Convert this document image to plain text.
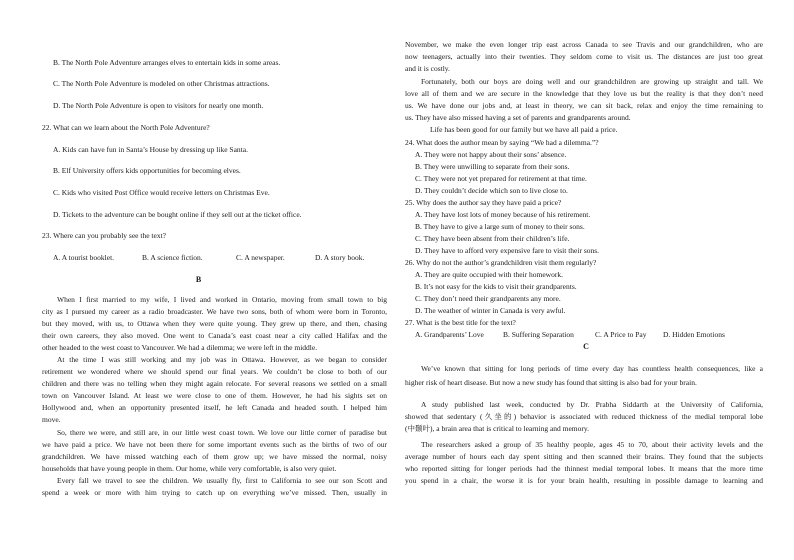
B. The North Pole Adventure arranges elves to entertain kids in some areas.
C. The North Pole Adventure is modeled on other Christmas attractions.
D. The North Pole Adventure is open to visitors for nearly one month.
22. What can we learn about the North Pole Adventure?
A. Kids can have fun in Santa’s House by dressing up like Santa.
B. Elf University offers kids opportunities for becoming elves.
C. Kids who visited Post Office would receive letters on Christmas Eve.
D. Tickets to the adventure can be bought online if they sell out at the ticket office.
23. Where can you probably see the text?
A. A tourist booklet.	B. A science fiction.	C. A newspaper.	D. A story book.
B
When I first married to my wife, I lived and worked in Ontario, moving from small town to big
city as I pursued my career as a radio broadcaster. We have two sons, both of whom were born in Toronto,
but they moved, with us, to Ottawa when they were quite young. They grew up there, and then, chasing
their own careers, they also moved. One went to Canada’s east coast near a city called Halifax and the
other headed to the west coast to Vancouver. We had a dilemma; we were left in the middle.
At the time I was still working and my job was in Ottawa. However, as we began to consider
retirement we wondered where we should spend our final years. We couldn’t be close to both of our
children and there was no telling when they might again relocate. For several reasons we settled on a small
town on Vancouver Island. At least we were close to one of them. However, he had his sights set on
Hollywood and, when an opportunity presented itself, he left Canada and headed south. I helped him
move.
So, there we were, and still are, in our little west coast town. We love our little corner of paradise but
we have paid a price. We have not been there for some important events such as the births of two of our
grandchildren. We have missed watching each of them grow up; we have missed the normal, noisy
households that have young people in them. Our home, while very comfortable, is also very quiet.
Every fall we travel to see the children. We usually fly, first to California to see our son Scott and
spend a week or more with him trying to catch up on everything we’ve missed. Then, usually in
November, we make the even longer trip east across Canada to see Travis and our grandchildren, who are
now teenagers, actually into their twenties. They seldom come to visit us. The distances are just too great
and it is costly.
Fortunately, both our boys are doing well and our grandchildren are growing up straight and tall. We
love all of them and we are secure in the knowledge that they love us but the reality is that they don’t need
us. We have done our jobs and, at least in theory, we can sit back, relax and enjoy the time remaining to
us. They have also missed having a set of parents and grandparents around.
Life has been good for our family but we have all paid a price.
24. What does the author mean by saying “We had a dilemma.”?
A. They were not happy about their sons’ absence.
B. They were unwilling to separate from their sons.
C. They were not yet prepared for retirement at that time.
D. They couldn’t decide which son to live close to.
25. Why does the author say they have paid a price?
A. They have lost lots of money because of his retirement.
B. They have to give a large sum of money to their sons.
C. They have been absent from their children’s life.
D. They have to afford very expensive fare to visit their sons.
26. Why do not the author’s grandchildren visit them regularly?
A. They are quite occupied with their homework.
B. It’s not easy for the kids to visit their grandparents.
C. They don’t need their grandparents any more.
D. The weather of winter in Canada is very awful.
27. What is the best title for the text?
A. Grandparents’ Love	B. Suffering Separation	C. A Price to Pay D. Hidden Emotions
C
We’ve known that sitting for long periods of time every day has countless health consequences, like a
higher risk of heart disease. But now a new study has found that sitting is also bad for your brain.
A study published last week, conducted by Dr. Prabha Siddarth at the University of California,
showed that sedentary (久坐的) behavior is associated with reduced thickness of the medial temporal lobe
(中颞叶), a brain area that is critical to learning and memory.
The researchers asked a group of 35 healthy people, ages 45 to 70, about their activity levels and the
average number of hours each day spent sitting and then scanned their brains. They found that the subjects
who reported sitting for longer periods had the thinnest medial temporal lobes. It means that the more time
you spend in a chair, the worse it is for your brain health, resulting in possible damage to learning and
